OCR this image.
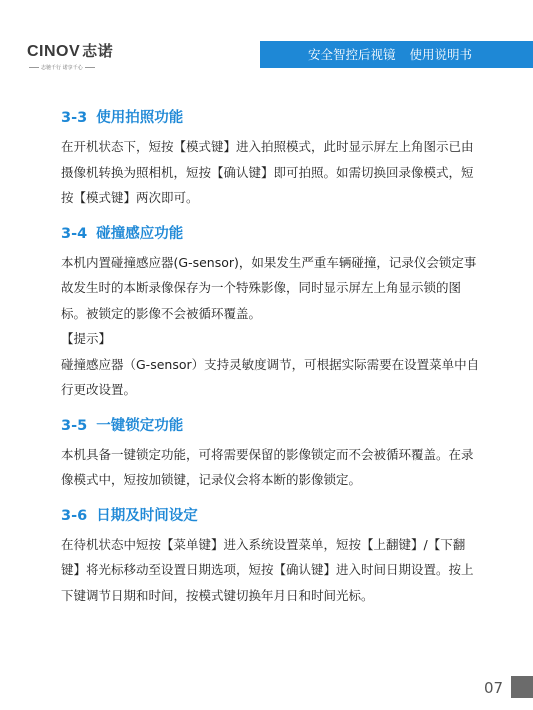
CINOV 志诺
志驰千行 诺享千心
安全智控后视镜 使用说明书
3-3 使用拍照功能

在开机状态下，短按【模式键】进入拍照模式，此时显示屏左上角图示已由摄像机转换为照相机，短按【确认键】即可拍照。如需切换回录像模式，短按【模式键】两次即可。

3-4 碰撞感应功能

本机内置碰撞感应器(G-sensor)，如果发生严重车辆碰撞，记录仪会锁定事故发生时的本断录像保存为一个特殊影像，同时显示屏左上角显示锁的图标。被锁定的影像不会被循环覆盖。

【提示】

碰撞感应器（G-sensor）支持灵敏度调节，可根据实际需要在设置菜单中自行更改设置。

3-5 一键锁定功能

本机具备一键锁定功能，可将需要保留的影像锁定而不会被循环覆盖。在录像模式中，短按加锁键，记录仪会将本断的影像锁定。

3-6 日期及时间设定

在待机状态中短按【菜单键】进入系统设置菜单，短按【上翻键】/【下翻键】将光标移动至设置日期选项，短按【确认键】进入时间日期设置。按上下键调节日期和时间，按模式键切换年月日和时间光标。

07
